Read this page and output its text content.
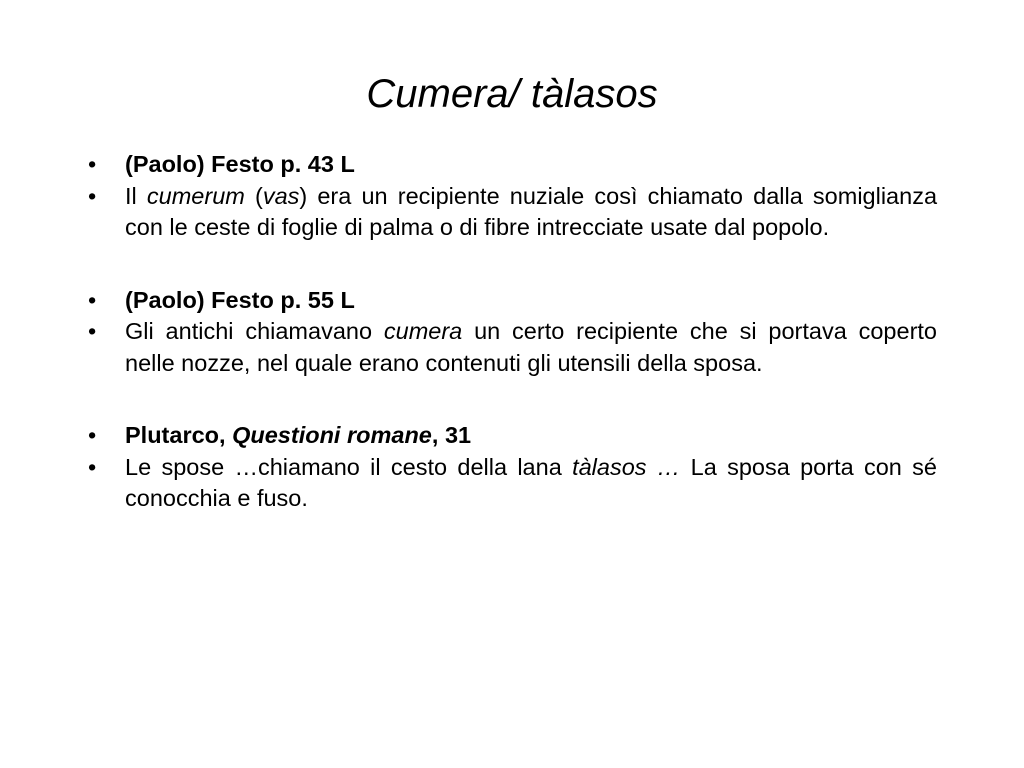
Cumera/ tàlasos
•	(Paolo) Festo p. 43 L
•	Il cumerum (vas) era un recipiente nuziale così chiamato dalla somiglianza con le ceste di foglie di palma o di fibre intrecciate usate dal popolo.
•	(Paolo) Festo p. 55 L
•	Gli antichi chiamavano cumera un certo recipiente che si portava coperto nelle nozze, nel quale erano contenuti gli utensili della sposa.
•	Plutarco, Questioni romane, 31
•	Le spose …chiamano il cesto della lana tàlasos … La sposa porta con sé conocchia e fuso.
